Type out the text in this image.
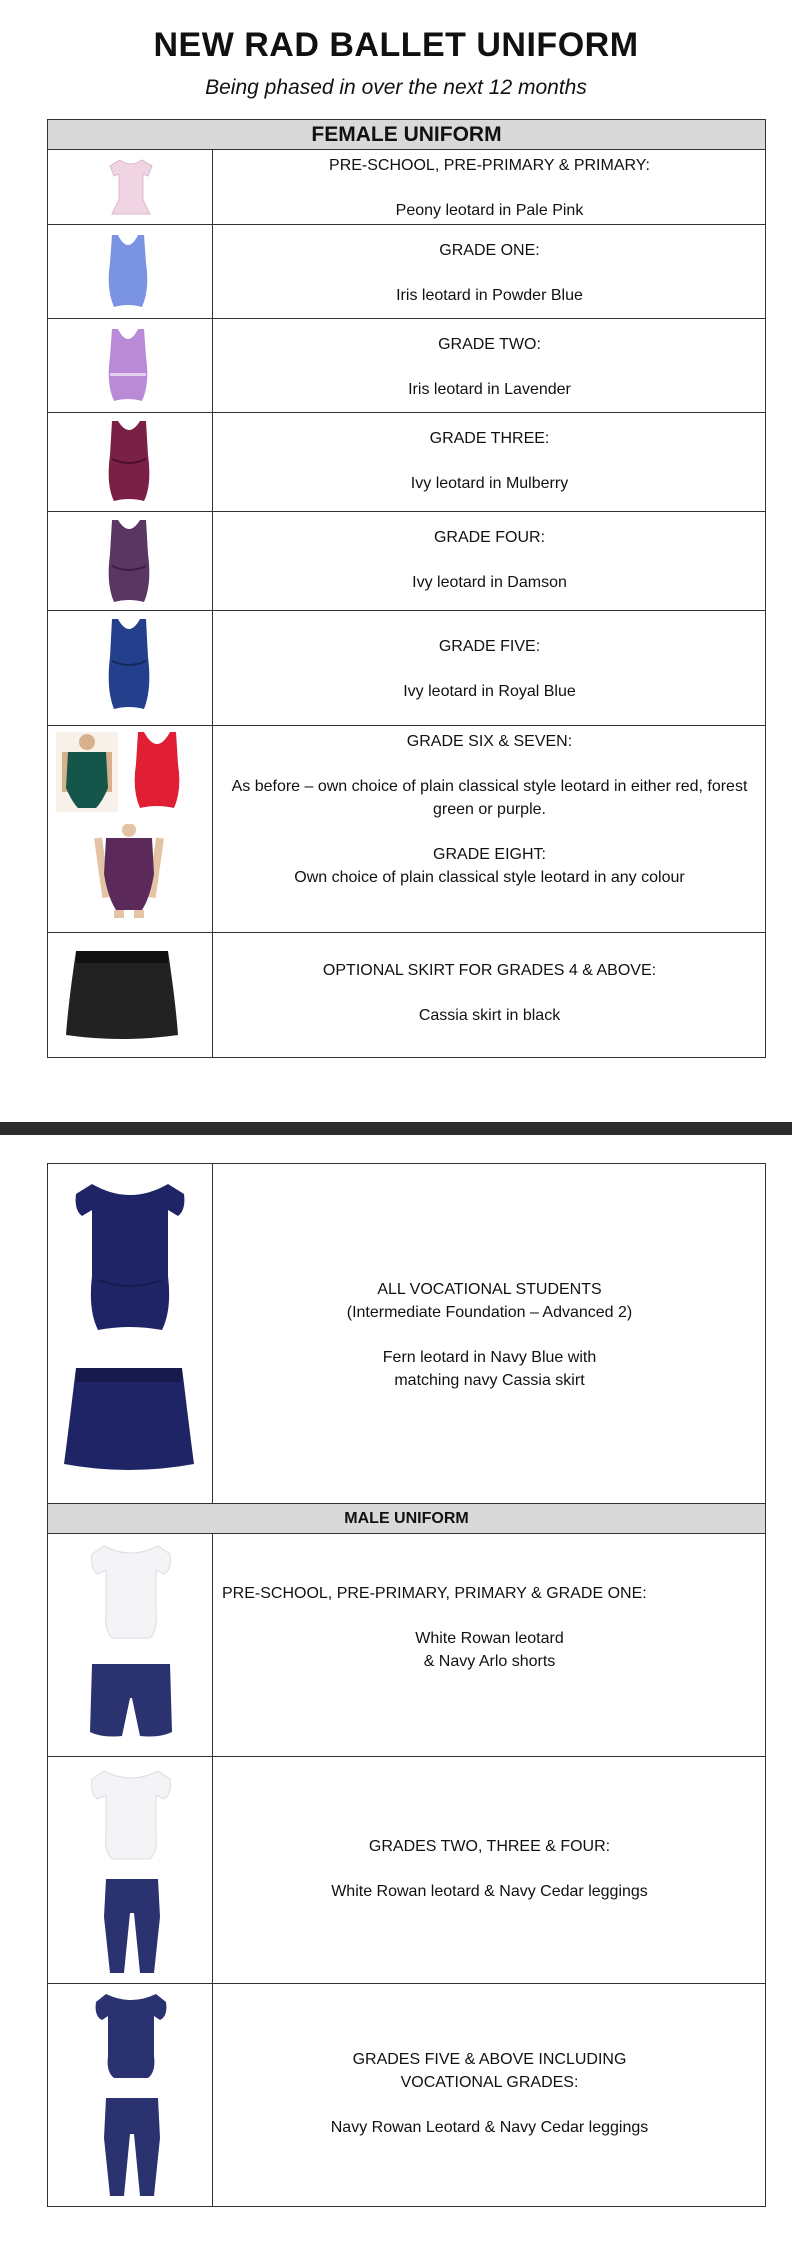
NEW RAD BALLET UNIFORM
Being phased in over the next 12 months
FEMALE UNIFORM
PRE-SCHOOL, PRE-PRIMARY & PRIMARY:
Peony leotard in Pale Pink
GRADE ONE:
Iris leotard in Powder Blue
GRADE TWO:
Iris leotard in Lavender
GRADE THREE:
Ivy leotard in Mulberry
GRADE FOUR:
Ivy leotard in Damson
GRADE FIVE:
Ivy leotard in Royal Blue
GRADE SIX & SEVEN:
As before – own choice of plain classical style leotard in either red, forest green or purple.
GRADE EIGHT:
Own choice of plain classical style leotard in any colour
OPTIONAL SKIRT FOR GRADES 4 & ABOVE:
Cassia skirt in black
ALL VOCATIONAL STUDENTS
(Intermediate Foundation – Advanced 2)
Fern leotard in Navy Blue with
matching navy Cassia skirt
MALE UNIFORM
PRE-SCHOOL, PRE-PRIMARY, PRIMARY & GRADE ONE:
White Rowan leotard
& Navy Arlo shorts
GRADES TWO, THREE & FOUR:
White Rowan leotard & Navy Cedar leggings
GRADES FIVE & ABOVE INCLUDING
VOCATIONAL GRADES:
Navy Rowan Leotard & Navy Cedar leggings
